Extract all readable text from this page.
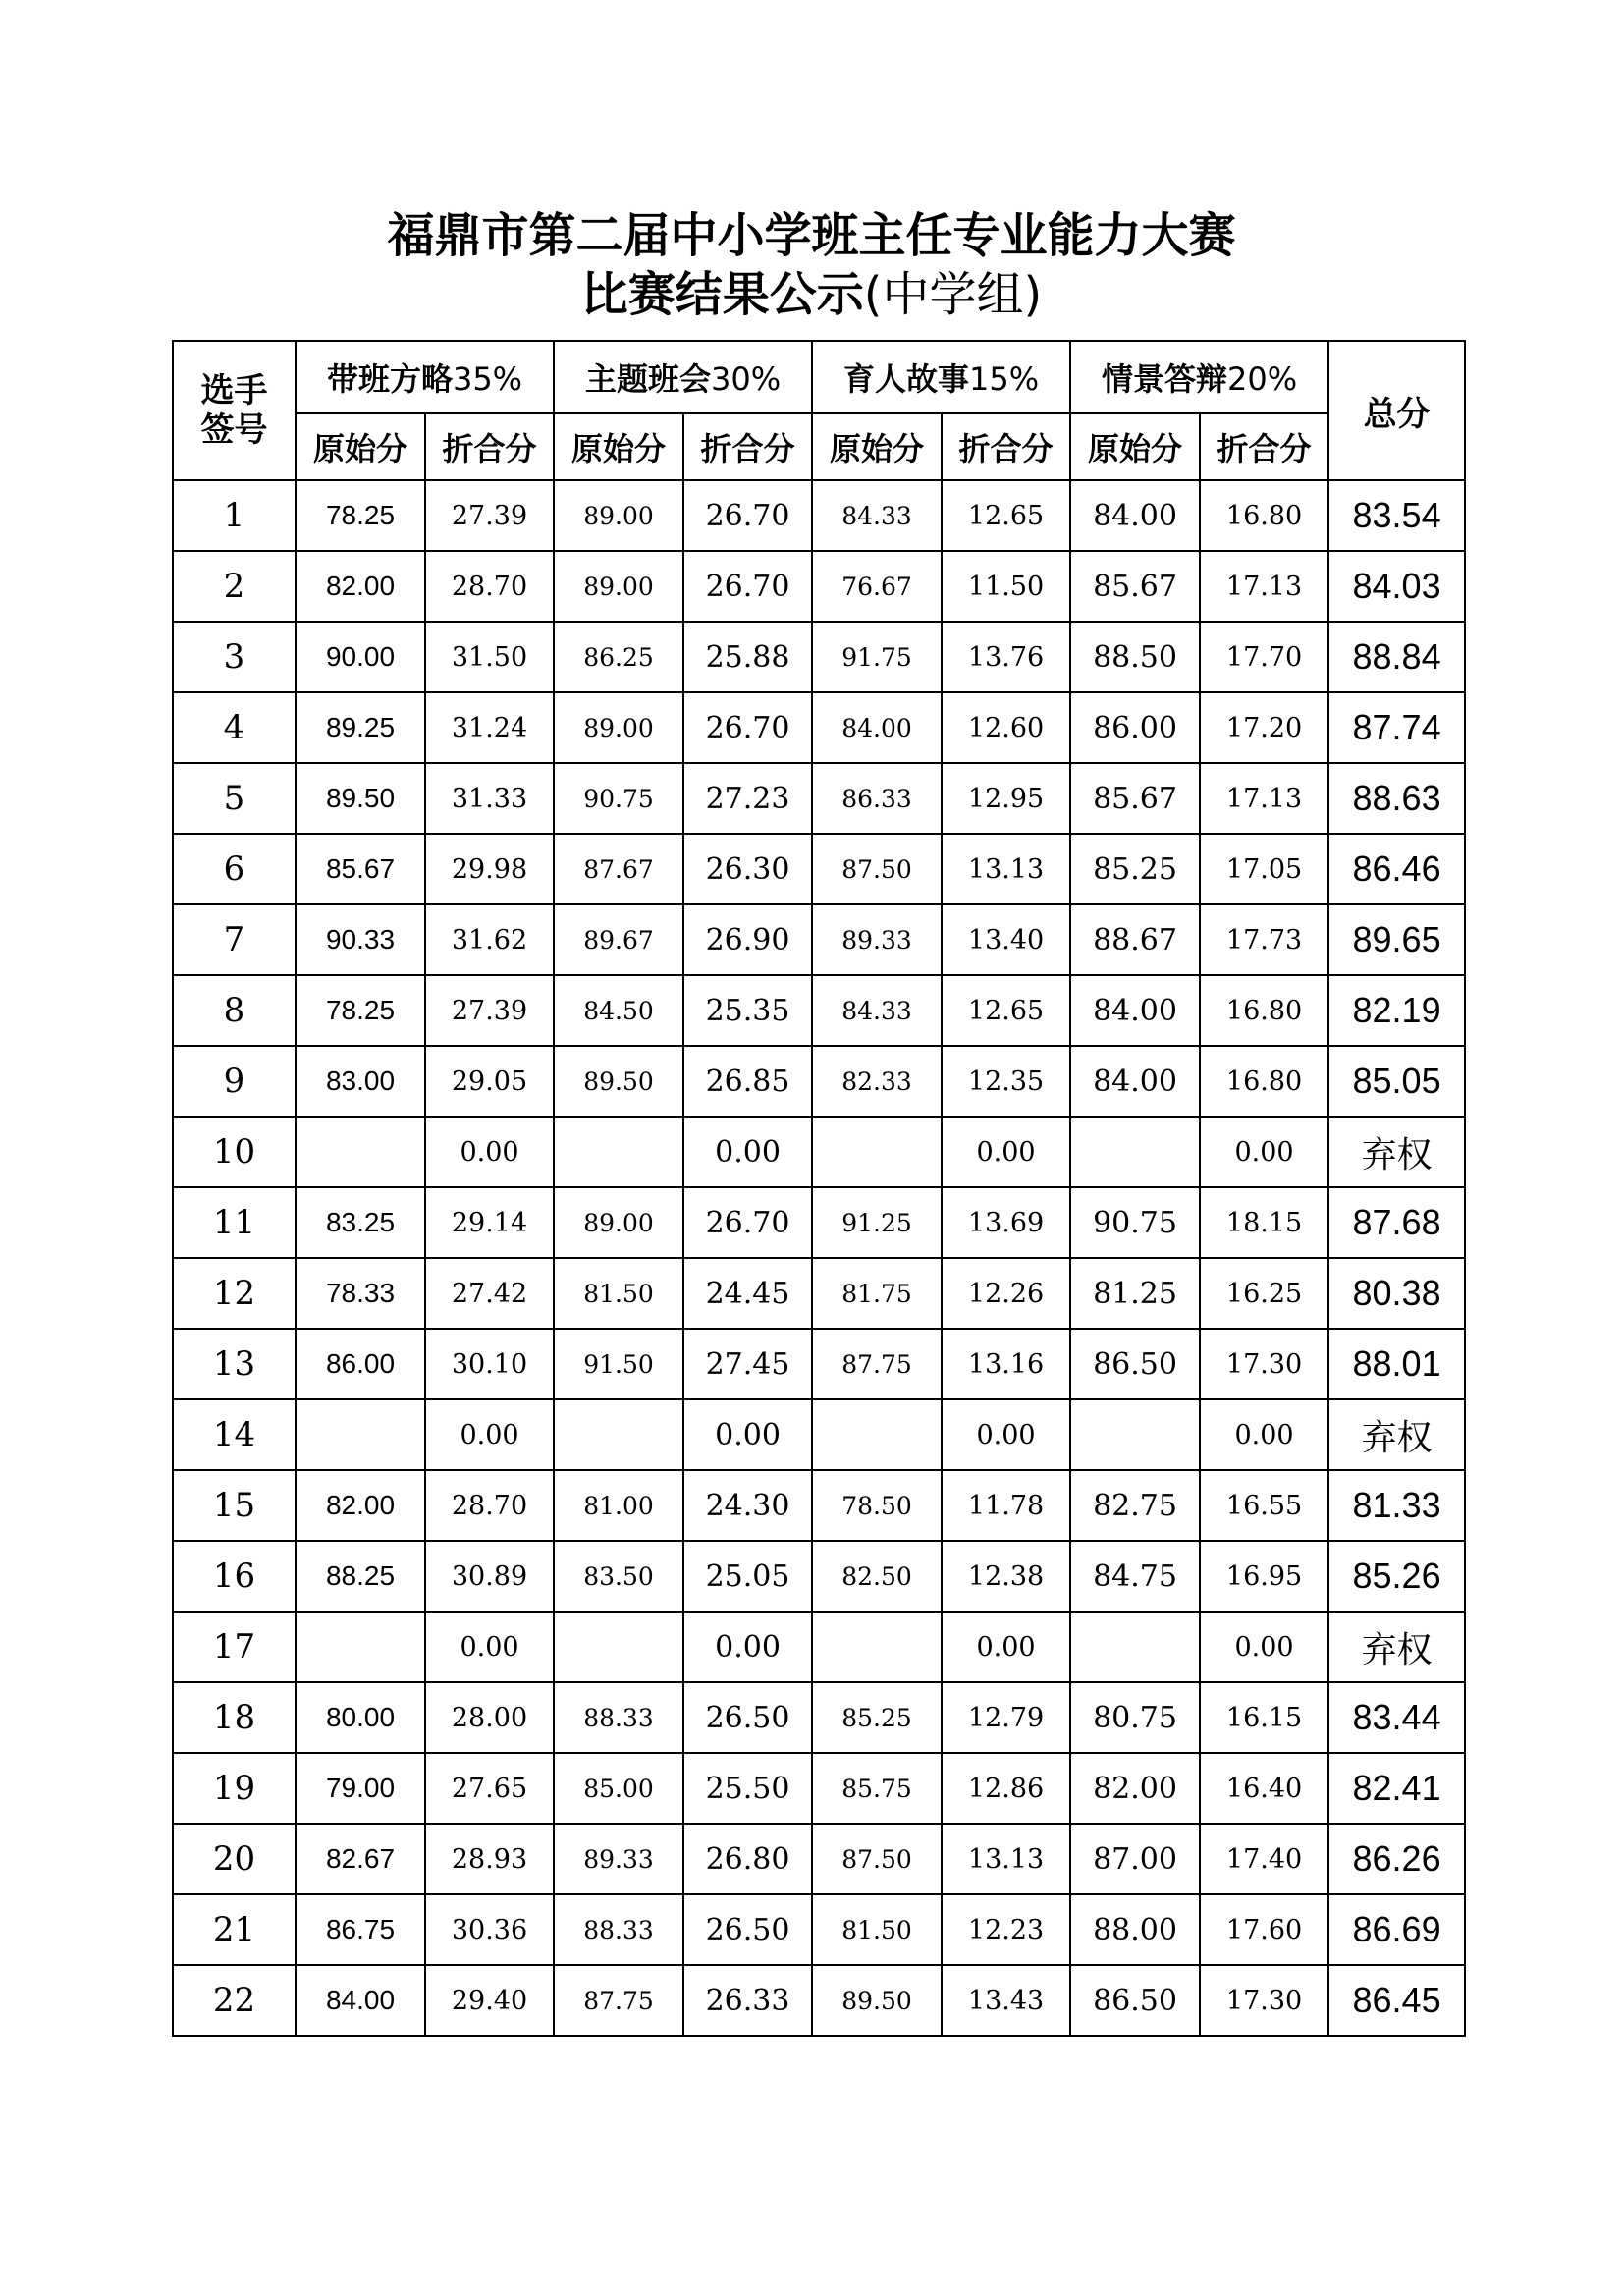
福鼎市第二届中小学班主任专业能力大赛
比赛结果公示(中学组)
选手签号	带班方略35%		主题班会30%		育人故事15%		情景答辩20%		总分
	原始分	折合分	原始分	折合分	原始分	折合分	原始分	折合分	
1	78.25	27.39	89.00	26.70	84.33	12.65	84.00	16.80	83.54
2	82.00	28.70	89.00	26.70	76.67	11.50	85.67	17.13	84.03
3	90.00	31.50	86.25	25.88	91.75	13.76	88.50	17.70	88.84
4	89.25	31.24	89.00	26.70	84.00	12.60	86.00	17.20	87.74
5	89.50	31.33	90.75	27.23	86.33	12.95	85.67	17.13	88.63
6	85.67	29.98	87.67	26.30	87.50	13.13	85.25	17.05	86.46
7	90.33	31.62	89.67	26.90	89.33	13.40	88.67	17.73	89.65
8	78.25	27.39	84.50	25.35	84.33	12.65	84.00	16.80	82.19
9	83.00	29.05	89.50	26.85	82.33	12.35	84.00	16.80	85.05
10		0.00		0.00		0.00		0.00	弃权
11	83.25	29.14	89.00	26.70	91.25	13.69	90.75	18.15	87.68
12	78.33	27.42	81.50	24.45	81.75	12.26	81.25	16.25	80.38
13	86.00	30.10	91.50	27.45	87.75	13.16	86.50	17.30	88.01
14		0.00		0.00		0.00		0.00	弃权
15	82.00	28.70	81.00	24.30	78.50	11.78	82.75	16.55	81.33
16	88.25	30.89	83.50	25.05	82.50	12.38	84.75	16.95	85.26
17		0.00		0.00		0.00		0.00	弃权
18	80.00	28.00	88.33	26.50	85.25	12.79	80.75	16.15	83.44
19	79.00	27.65	85.00	25.50	85.75	12.86	82.00	16.40	82.41
20	82.67	28.93	89.33	26.80	87.50	13.13	87.00	17.40	86.26
21	86.75	30.36	88.33	26.50	81.50	12.23	88.00	17.60	86.69
22	84.00	29.40	87.75	26.33	89.50	13.43	86.50	17.30	86.45
